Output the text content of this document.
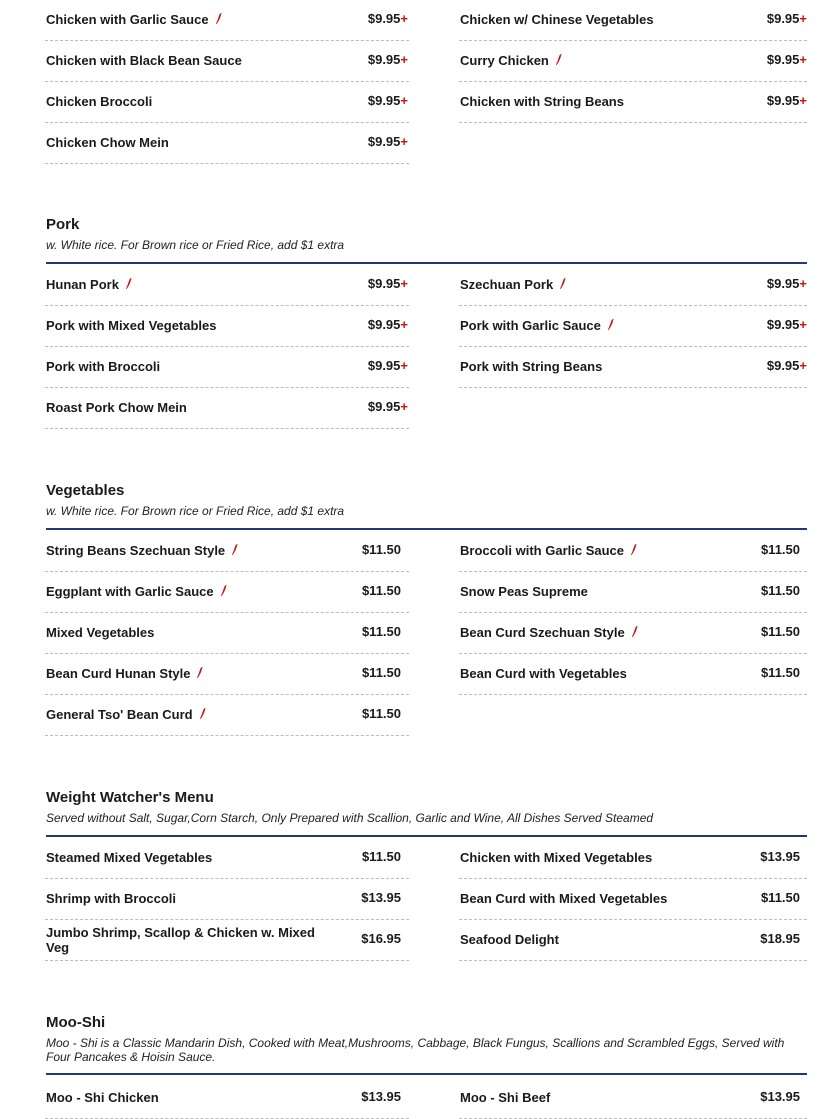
Chicken with Garlic Sauce	$9.95+
Chicken with Black Bean Sauce	$9.95+
Chicken Broccoli	$9.95+
Chicken Chow Mein	$9.95+
Chicken w/ Chinese Vegetables	$9.95+
Curry Chicken	$9.95+
Chicken with String Beans	$9.95+
Pork
w. White rice. For Brown rice or Fried Rice, add $1 extra
Hunan Pork	$9.95+
Pork with Mixed Vegetables	$9.95+
Pork with Broccoli	$9.95+
Roast Pork Chow Mein	$9.95+
Szechuan Pork	$9.95+
Pork with Garlic Sauce	$9.95+
Pork with String Beans	$9.95+
Vegetables
w. White rice. For Brown rice or Fried Rice, add $1 extra
String Beans Szechuan Style	$11.50
Eggplant with Garlic Sauce	$11.50
Mixed Vegetables	$11.50
Bean Curd Hunan Style	$11.50
General Tso' Bean Curd	$11.50
Broccoli with Garlic Sauce	$11.50
Snow Peas Supreme	$11.50
Bean Curd Szechuan Style	$11.50
Bean Curd with Vegetables	$11.50
Weight Watcher's Menu
Served without Salt, Sugar,Corn Starch, Only Prepared with Scallion, Garlic and Wine, All Dishes Served Steamed
Steamed Mixed Vegetables	$11.50
Shrimp with Broccoli	$13.95
Jumbo Shrimp, Scallop & Chicken w. Mixed Veg
$16.95
Chicken with Mixed Vegetables	$13.95
Bean Curd with Mixed Vegetables	$11.50
Seafood Delight	$18.95
Moo-Shi
Moo - Shi is a Classic Mandarin Dish, Cooked with Meat,Mushrooms, Cabbage, Black Fungus, Scallions and Scrambled Eggs, Served with Four Pancakes & Hoisin Sauce.
Moo - Shi Chicken	$13.95	Moo - Shi Beef	$13.95
